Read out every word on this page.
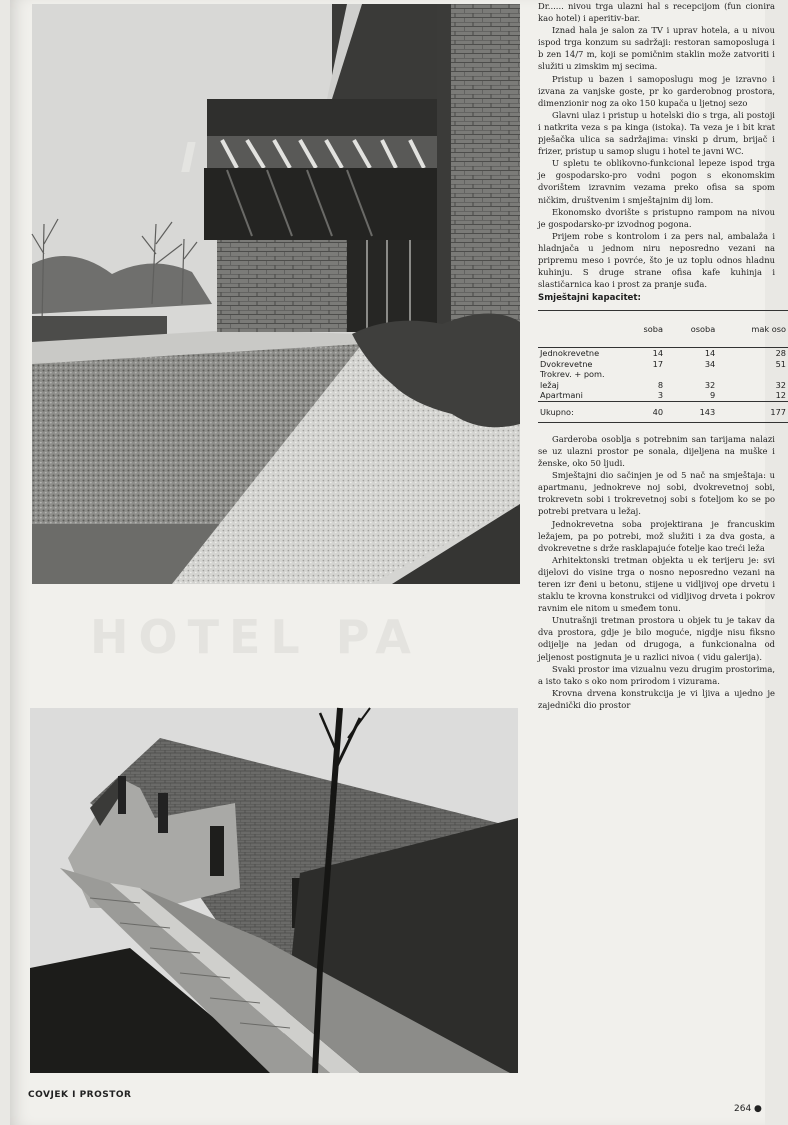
HOTEL PA

Dr...... nivou trga ulazni hal s recepcijom (fun cionira kao hotel) i aperitiv-bar.

Iznad hala je salon za TV i uprav hotela, a u nivou ispod trga konzum su sadržaji: restoran samoposluga i b zen 14/7 m, koji se pomičnim staklin može zatvoriti i služiti u zimskim mj secima.

Pristup u bazen i samoposlugu mog je izravno i izvana za vanjske goste, pr ko garderobnog prostora, dimenzionir nog za oko 150 kupača u ljetnoj sezo

Glavni ulaz i pristup u hotelski dio s trga, ali postoji i natkrita veza s pa kinga (istoka). Ta veza je i bit krat pješačka ulica sa sadržajima: vinski p drum, brijač i frizer, pristup u samop slugu i hotel te javni WC.

U spletu te oblikovno-funkcional lepeze ispod trga je gospodarsko-pro vodni pogon s ekonomskim dvorištem izravnim vezama preko ofisa sa spom ničkim, društvenim i smještajnim dij lom.

Ekonomsko dvorište s pristupno rampom na nivou je gospodarsko-pr izvodnog pogona.

Prijem robe s kontrolom i za pers nal, ambalaža i hladnjača u jednom niru neposredno vezani na pripremu meso i povrće, što je uz toplu odnos hladnu kuhinju. S druge strane ofisa kafe kuhinja i slastičarnica kao i prost za pranje suđa.

Smještajni kapacitet:

	soba	osoba	mak oso
Jednokrevetne	14	14	28
Dvokrevetne	17	34	51
Trokrev. + pom. ležaj	8	32	32
Apartmani	3	9	12
Ukupno:	40	143	177

Garderoba osoblja s potrebnim san tarijama nalazi se uz ulazni prostor pe sonala, dijeljena na muške i ženske, oko 50 ljudi.

Smještajni dio sačinjen je od 5 nač na smještaja: u apartmanu, jednokreve noj sobi, dvokrevetnoj sobi, trokrevetn sobi i trokrevetnoj sobi s foteljom ko se po potrebi pretvara u ležaj.

Jednokrevetna soba projektirana je francuskim ležajem, pa po potrebi, mož služiti i za dva gosta, a dvokrevetne s drže rasklapajuće fotelje kao treći leža

Arhitektonski tretman objekta u ek terijeru je: svi dijelovi do visine trga o nosno neposredno vezani na teren izr đeni u betonu, stijene u vidljivoj ope drvetu i staklu te krovna konstrukci od vidljivog drveta i pokrov ravnim ele nitom u smeđem tonu.

Unutrašnji tretman prostora u objek tu je takav da dva prostora, gdje je bilo moguće, nigdje nisu fiksno odijelje na jedan od drugoga, a funkcionalna od jeljenost postignuta je u razlici nivoa ( vidu galerija).

Svaki prostor ima vizualnu vezu drugim prostorima, a isto tako s oko nom prirodom i vizurama.

Krovna drvena konstrukcija je vi ljiva a ujedno je zajednički dio prostor

COVJEK I PROSTOR
264 ●
